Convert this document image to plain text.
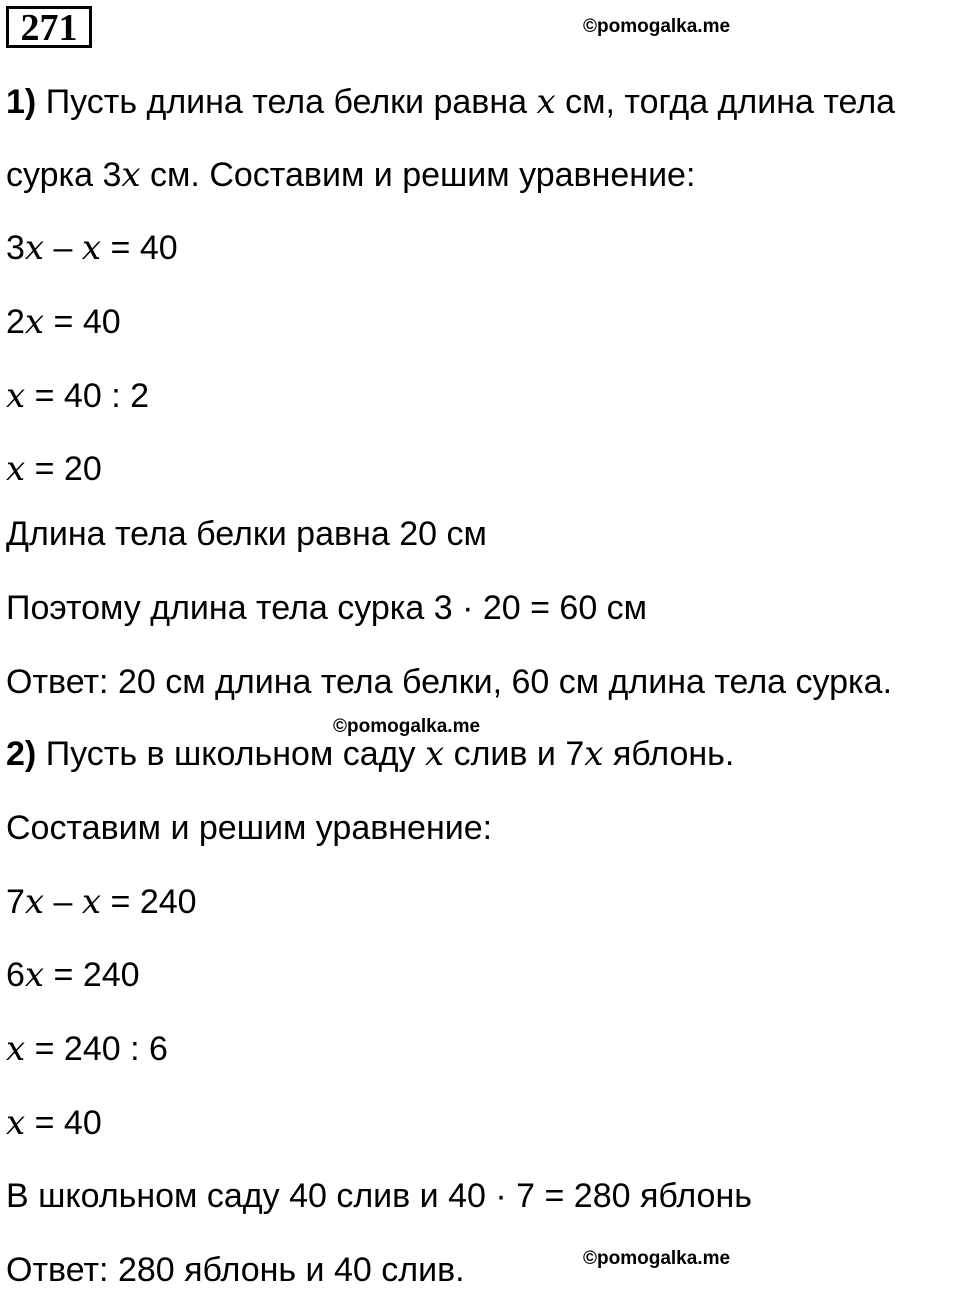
271	©pomogalka.me
1) Пусть длина тела белки равна x см, тогда длина тела
сурка 3x см. Составим и решим уравнение:
3x – x = 40
2x = 40
x = 40 : 2
x = 20
Длина тела белки равна 20 см
Поэтому длина тела сурка 3 · 20 = 60 см
Ответ: 20 см длина тела белки, 60 см длина тела сурка.
©pomogalka.me
2) Пусть в школьном саду x слив и 7x яблонь.
Составим и решим уравнение:
7x – x = 240
6x = 240
x = 240 : 6
x = 40
В школьном саду 40 слив и 40 · 7 = 280 яблонь
Ответ: 280 яблонь и 40 слив.	©pomogalka.me
